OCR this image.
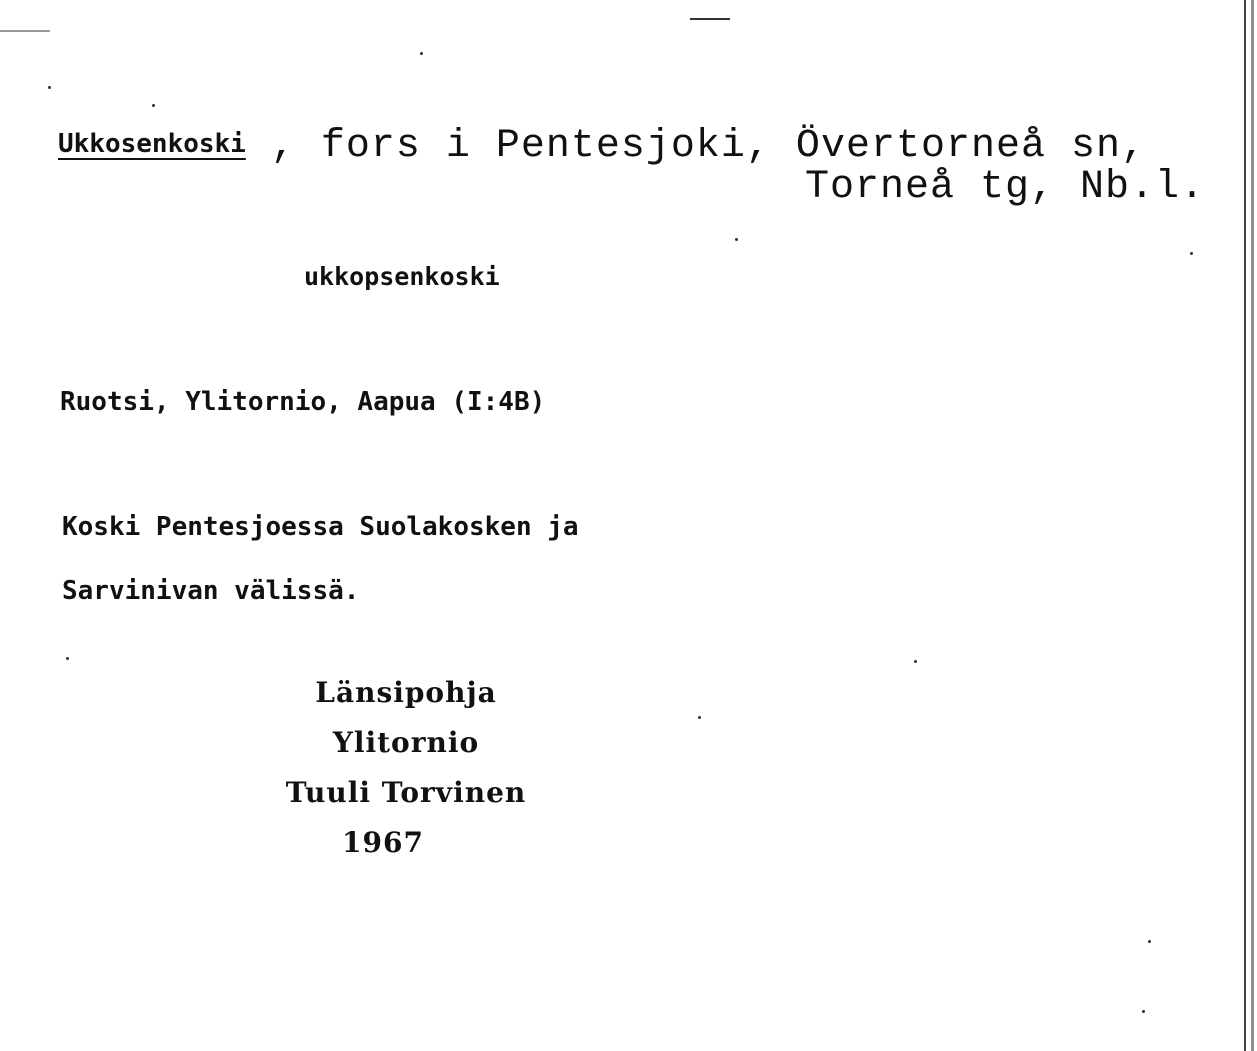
Ukkosenkoski , fors i Pentesjoki, Övertorneå sn,
Torneå tg, Nb.l.
ukkopsenkoski
Ruotsi, Ylitornio, Aapua (I:4B)
Koski Pentesjoessa Suolakosken ja
Sarvinivan välissä.
Länsipohja
Ylitornio
Tuuli Torvinen
1967
